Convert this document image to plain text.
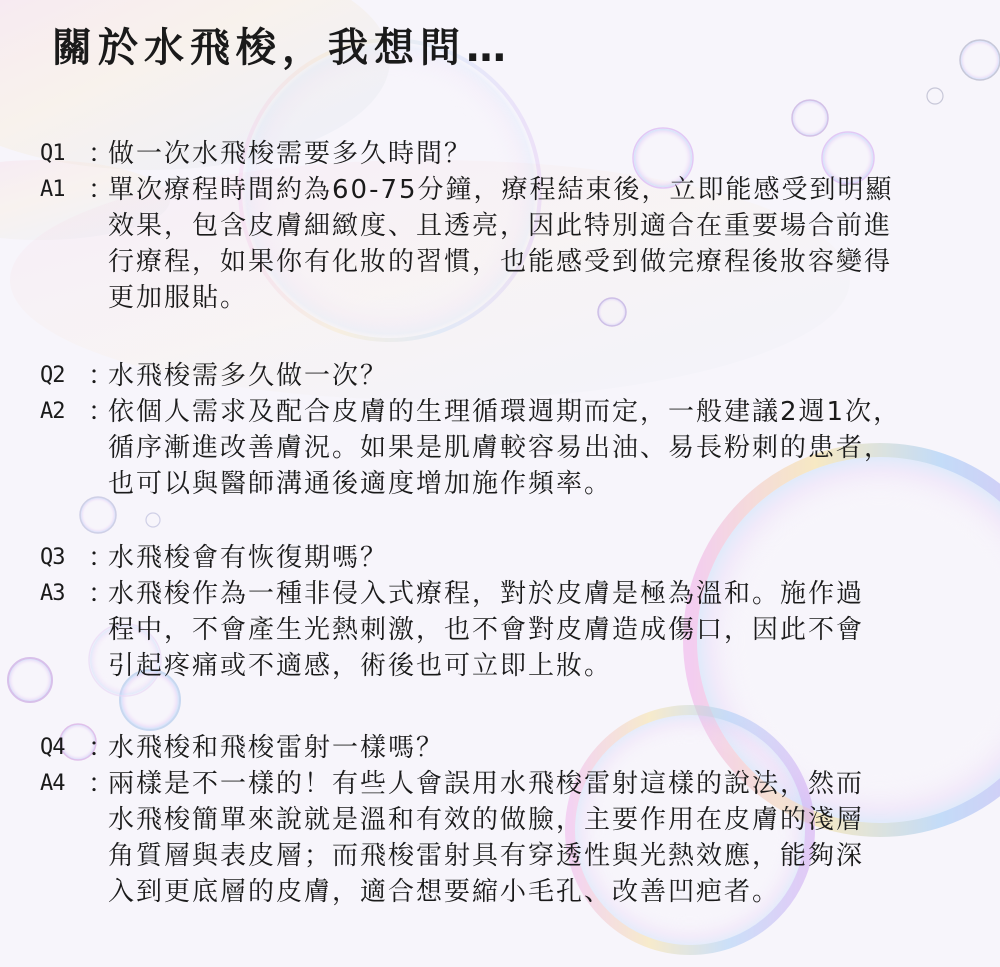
關於水飛梭，我想問…
Q1 ：
做一次水飛梭需要多久時間？
A1 ：
單次療程時間約為60-75分鐘，療程結束後，立即能感受到明顯
效果，包含皮膚細緻度、且透亮，因此特別適合在重要場合前進
行療程，如果你有化妝的習慣，也能感受到做完療程後妝容變得
更加服貼。
Q2 ：
水飛梭需多久做一次？
A2 ：
依個人需求及配合皮膚的生理循環週期而定，一般建議2週1次，
循序漸進改善膚況。如果是肌膚較容易出油、易長粉刺的患者，
也可以與醫師溝通後適度增加施作頻率。
Q3 ：
水飛梭會有恢復期嗎？
A3 ：
水飛梭作為一種非侵入式療程，對於皮膚是極為溫和。施作過
程中，不會產生光熱刺激，也不會對皮膚造成傷口，因此不會
引起疼痛或不適感，術後也可立即上妝。
Q4 ：
水飛梭和飛梭雷射一樣嗎？
A4 ：
兩樣是不一樣的！有些人會誤用水飛梭雷射這樣的說法，然而
水飛梭簡單來說就是溫和有效的做臉，主要作用在皮膚的淺層
角質層與表皮層；而飛梭雷射具有穿透性與光熱效應，能夠深
入到更底層的皮膚，適合想要縮小毛孔、改善凹疤者。
